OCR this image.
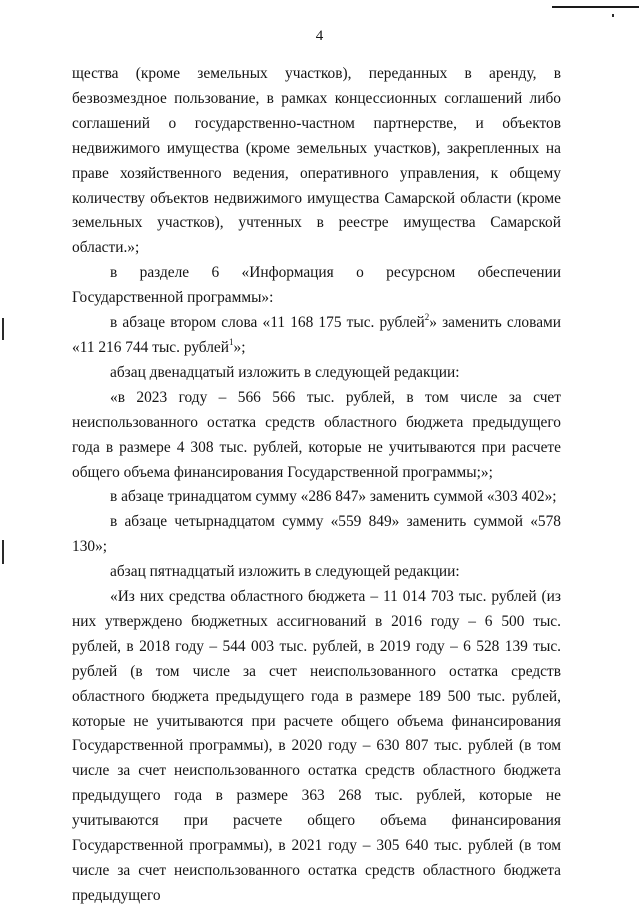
4

щества (кроме земельных участков), переданных в аренду, в безвозмездное пользование, в рамках концессионных соглашений либо соглашений о государственно-частном партнерстве, и объектов недвижимого имущества (кроме земельных участков), закрепленных на праве хозяйственного ведения, оперативного управления, к общему количеству объектов недвижимого имущества Самарской области (кроме земельных участков), учтенных в реестре имущества Самарской области.»;

в разделе 6 «Информация о ресурсном обеспечении Государственной программы»:

в абзаце втором слова «11 168 175 тыс. рублей$^2$» заменить словами «11 216 744 тыс. рублей$^1$»;

абзац двенадцатый изложить в следующей редакции:

«в 2023 году – 566 566 тыс. рублей, в том числе за счет неиспользованного остатка средств областного бюджета предыдущего года в размере 4 308 тыс. рублей, которые не учитываются при расчете общего объема финансирования Государственной программы;»;

в абзаце тринадцатом сумму «286 847» заменить суммой «303 402»;

в абзаце четырнадцатом сумму «559 849» заменить суммой «578 130»;

абзац пятнадцатый изложить в следующей редакции:

«Из них средства областного бюджета – 11 014 703 тыс. рублей (из них утверждено бюджетных ассигнований в 2016 году – 6 500 тыс. рублей, в 2018 году – 544 003 тыс. рублей, в 2019 году – 6 528 139 тыс. рублей (в том числе за счет неиспользованного остатка средств областного бюджета предыдущего года в размере 189 500 тыс. рублей, которые не учитываются при расчете общего объема финансирования Государственной программы), в 2020 году – 630 807 тыс. рублей (в том числе за счет неиспользованного остатка средств областного бюджета предыдущего года в размере 363 268 тыс. рублей, которые не учитываются при расчете общего объема финансирования Государственной программы), в 2021 году – 305 640 тыс. рублей (в том числе за счет неиспользованного остатка средств областного бюджета предыдущего
